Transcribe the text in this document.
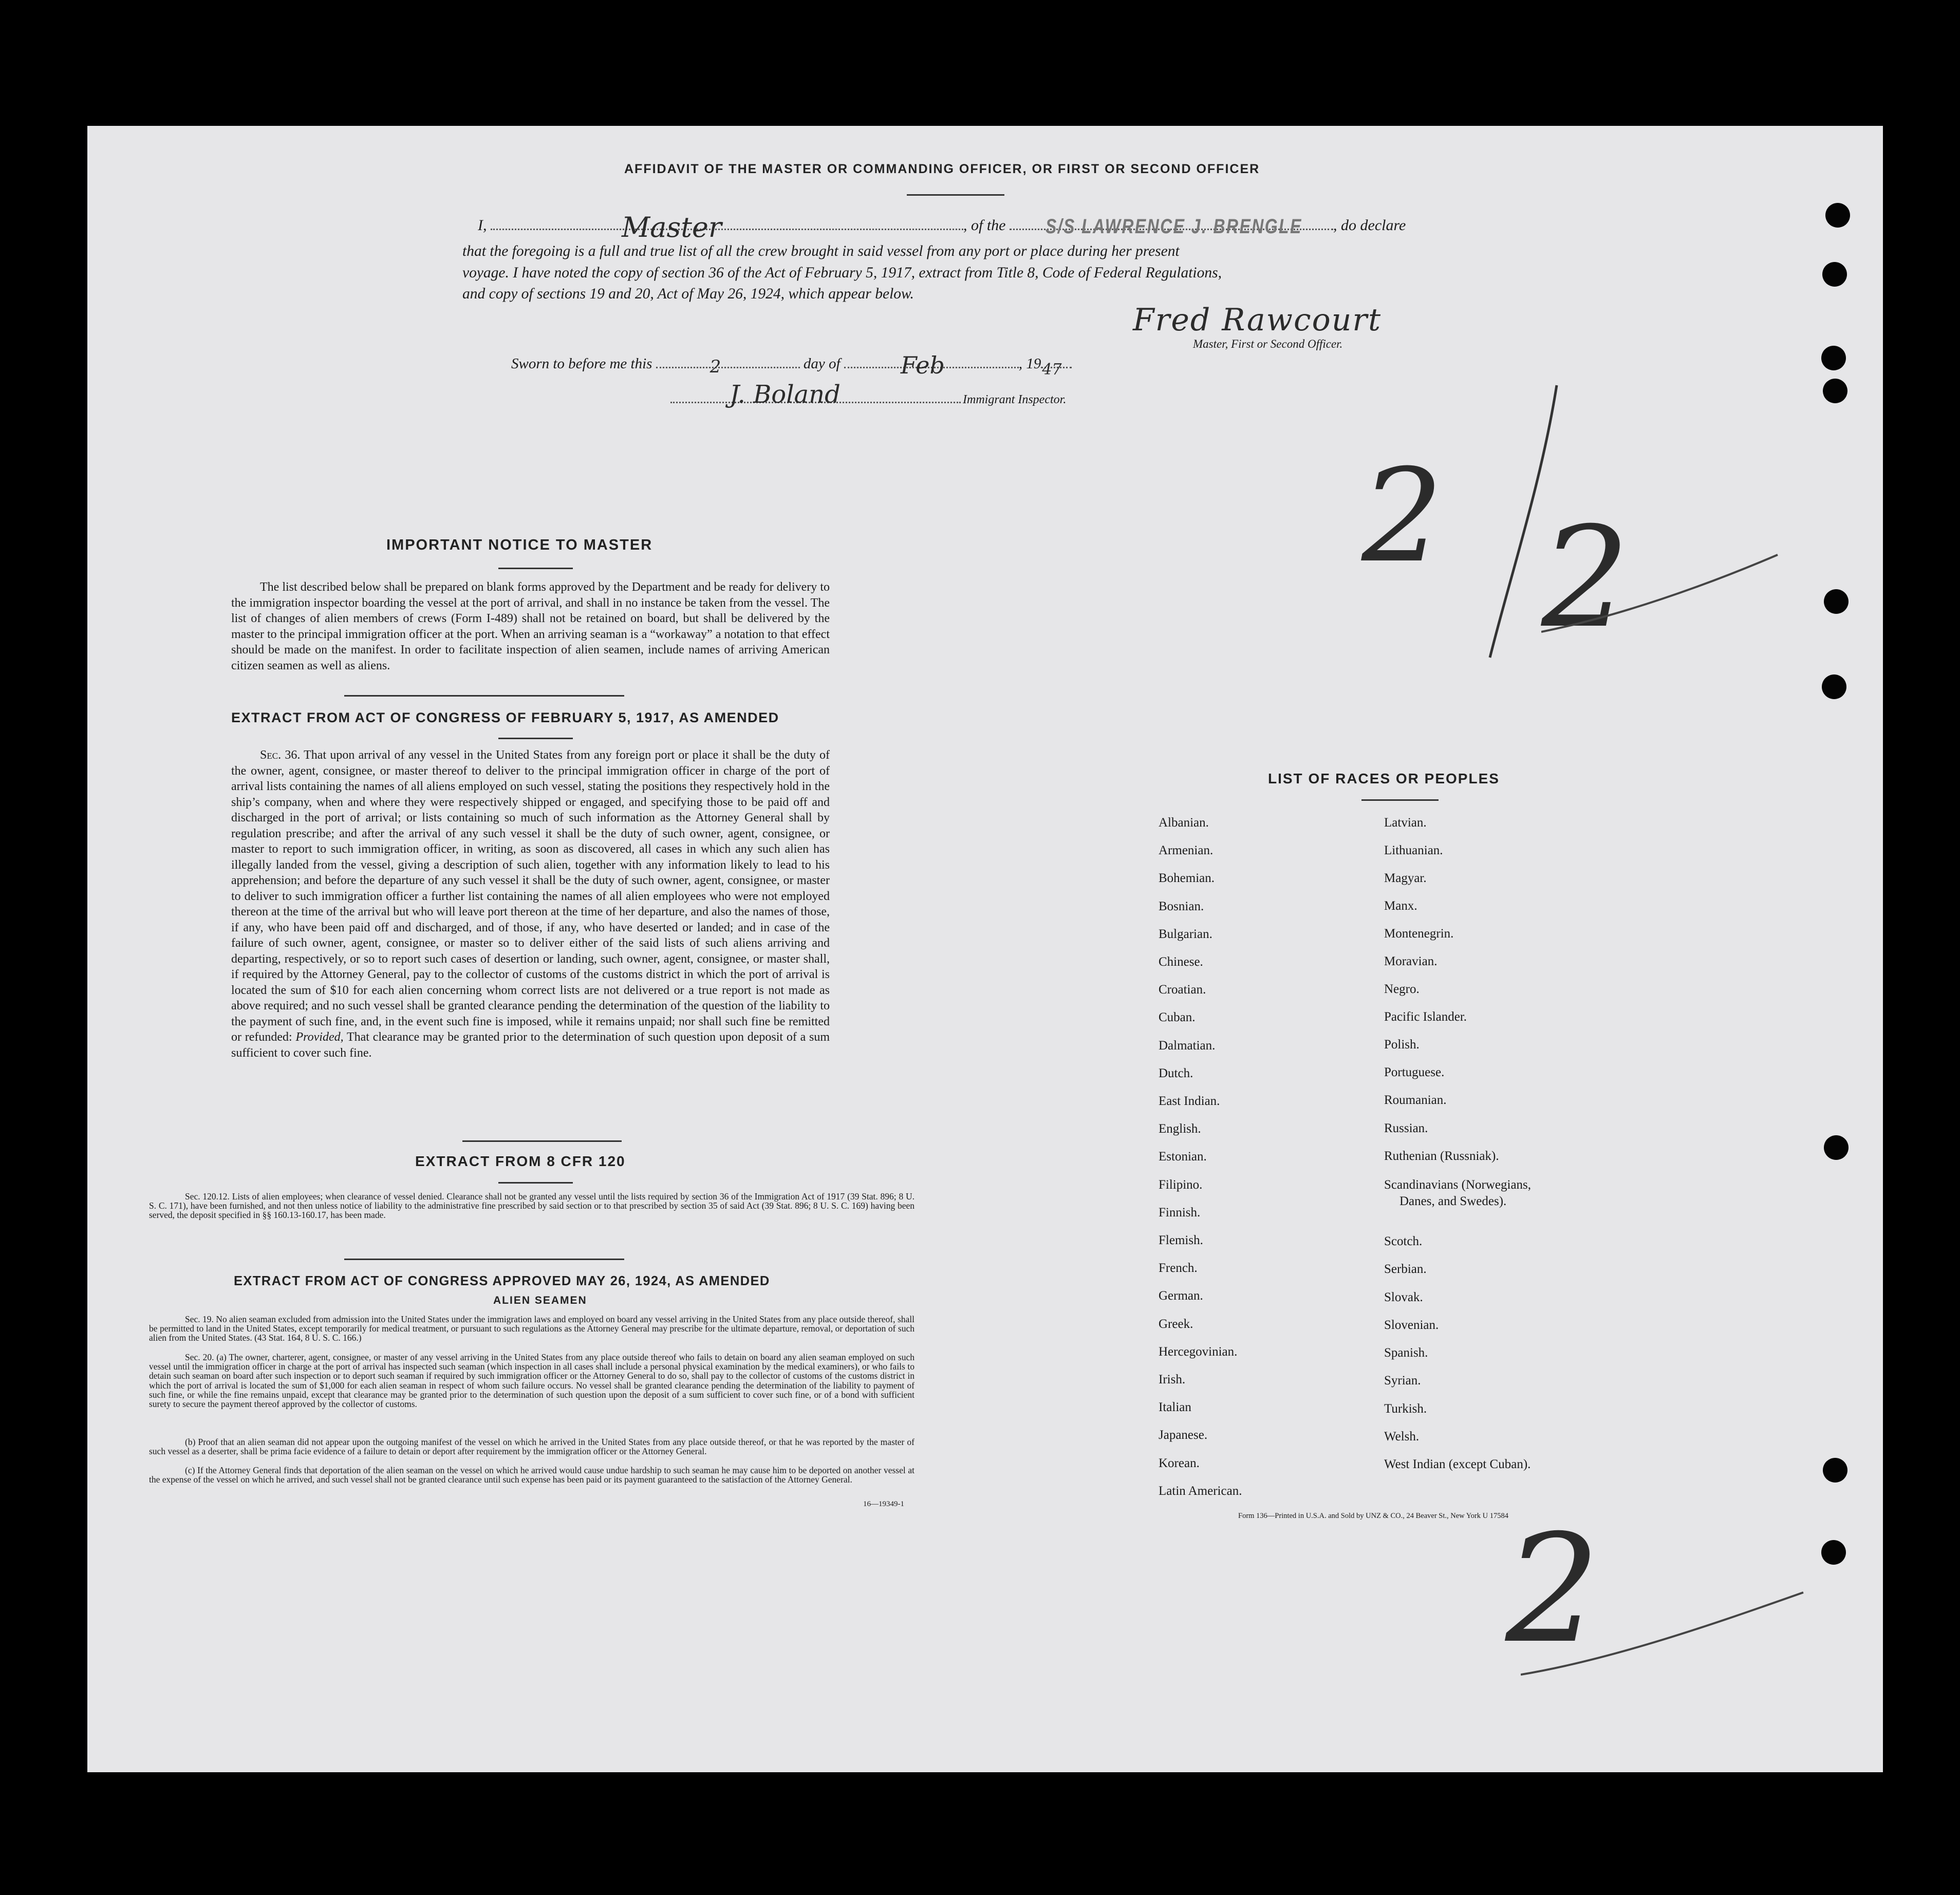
AFFIDAVIT OF THE MASTER OR COMMANDING OFFICER, OR FIRST OR SECOND OFFICER
I,	Master	, of the S/S LAWRENCE J. BRENGLE , do declare
that the foregoing is a full and true list of all the crew brought in said vessel from any port or place during her present
voyage. I have noted the copy of section 36 of the Act of February 5, 1917, extract from Title 8, Code of Federal Regulations,
and copy of sections 19 and 20, Act of May 26, 1924, which appear below.
Fred Rawcourt
Master, First or Second Officer.
Sworn to before me this	2	day of	Feb	, 19 47
J. Boland	Immigrant Inspector.
2 2
2
IMPORTANT NOTICE TO MASTER
The list described below shall be prepared on blank forms approved by the Department and be ready for delivery to the immigration inspector boarding the vessel at the port of arrival, and shall in no instance be taken from the vessel. The list of changes of alien members of crews (Form I-489) shall not be retained on board, but shall be delivered by the master to the principal immigration officer at the port. When an arriving seaman is a “workaway” a notation to that effect should be made on the manifest. In order to facilitate inspection of alien seamen, include names of arriving American citizen seamen as well as aliens.
EXTRACT FROM ACT OF CONGRESS OF FEBRUARY 5, 1917, AS AMENDED
Sec. 36. That upon arrival of any vessel in the United States from any foreign port or place it shall be the duty of the owner, agent, consignee, or master thereof to deliver to the principal immigration officer in charge of the port of arrival lists containing the names of all aliens employed on such vessel, stating the positions they respectively hold in the ship’s company, when and where they were respectively shipped or engaged, and specifying those to be paid off and discharged in the port of arrival; or lists containing so much of such information as the Attorney General shall by regulation prescribe; and after the arrival of any such vessel it shall be the duty of such owner, agent, consignee, or master to report to such immigration officer, in writing, as soon as discovered, all cases in which any such alien has illegally landed from the vessel, giving a description of such alien, together with any information likely to lead to his apprehension; and before the departure of any such vessel it shall be the duty of such owner, agent, consignee, or master to deliver to such immigration officer a further list containing the names of all alien employees who were not employed thereon at the time of the arrival but who will leave port thereon at the time of her departure, and also the names of those, if any, who have been paid off and discharged, and of those, if any, who have deserted or landed; and in case of the failure of such owner, agent, consignee, or master so to deliver either of the said lists of such aliens arriving and departing, respectively, or so to report such cases of desertion or landing, such owner, agent, consignee, or master shall, if required by the Attorney General, pay to the collector of customs of the customs district in which the port of arrival is located the sum of $10 for each alien concerning whom correct lists are not delivered or a true report is not made as above required; and no such vessel shall be granted clearance pending the determination of the question of the liability to the payment of such fine, and, in the event such fine is imposed, while it remains unpaid; nor shall such fine be remitted or refunded: Provided, That clearance may be granted prior to the determination of such question upon deposit of a sum sufficient to cover such fine.
EXTRACT FROM 8 CFR 120
Sec. 120.12. Lists of alien employees; when clearance of vessel denied. Clearance shall not be granted any vessel until the lists required by section 36 of the Immigration Act of 1917 (39 Stat. 896; 8 U. S. C. 171), have been furnished, and not then unless notice of liability to the administrative fine prescribed by said section or to that prescribed by section 35 of said Act (39 Stat. 896; 8 U. S. C. 169) having been served, the deposit specified in §§ 160.13-160.17, has been made.
EXTRACT FROM ACT OF CONGRESS APPROVED MAY 26, 1924, AS AMENDED
ALIEN SEAMEN
Sec. 19. No alien seaman excluded from admission into the United States under the immigration laws and employed on board any vessel arriving in the United States from any place outside thereof, shall be permitted to land in the United States, except temporarily for medical treatment, or pursuant to such regulations as the Attorney General may prescribe for the ultimate departure, removal, or deportation of such alien from the United States. (43 Stat. 164, 8 U. S. C. 166.)
Sec. 20. (a) The owner, charterer, agent, consignee, or master of any vessel arriving in the United States from any place outside thereof who fails to detain on board any alien seaman employed on such vessel until the immigration officer in charge at the port of arrival has inspected such seaman (which inspection in all cases shall include a personal physical examination by the medical examiners), or who fails to detain such seaman on board after such inspection or to deport such seaman if required by such immigration officer or the Attorney General to do so, shall pay to the collector of customs of the customs district in which the port of arrival is located the sum of $1,000 for each alien seaman in respect of whom such failure occurs. No vessel shall be granted clearance pending the determination of the liability to payment of such fine, or while the fine remains unpaid, except that clearance may be granted prior to the determination of such question upon the deposit of a sum sufficient to cover such fine, or of a bond with sufficient surety to secure the payment thereof approved by the collector of customs.
(b) Proof that an alien seaman did not appear upon the outgoing manifest of the vessel on which he arrived in the United States from any place outside thereof, or that he was reported by the master of such vessel as a deserter, shall be prima facie evidence of a failure to detain or deport after requirement by the immigration officer or the Attorney General.
(c) If the Attorney General finds that deportation of the alien seaman on the vessel on which he arrived would cause undue hardship to such seaman he may cause him to be deported on another vessel at the expense of the vessel on which he arrived, and such vessel shall not be granted clearance until such expense has been paid or its payment guaranteed to the satisfaction of the Attorney General.
16—19349-1
LIST OF RACES OR PEOPLES
Albanian.
Armenian.
Bohemian.
Bosnian.
Bulgarian.
Chinese.
Croatian.
Cuban.
Dalmatian.
Dutch.
East Indian.
English.
Estonian.
Filipino.
Finnish.
Flemish.
French.
German.
Greek.
Hercegovinian.
Irish.
Italian
Japanese.
Korean.
Latin American.
Latvian.
Lithuanian.
Magyar.
Manx.
Montenegrin.
Moravian.
Negro.
Pacific Islander.
Polish.
Portuguese.
Roumanian.
Russian.
Ruthenian (Russniak).
Scandinavians (Norwegians,
Danes, and Swedes).
Scotch.
Serbian.
Slovak.
Slovenian.
Spanish.
Syrian.
Turkish.
Welsh.
West Indian (except Cuban).
Form 136—Printed in U.S.A. and Sold by UNZ & CO., 24 Beaver St., New York U 17584
